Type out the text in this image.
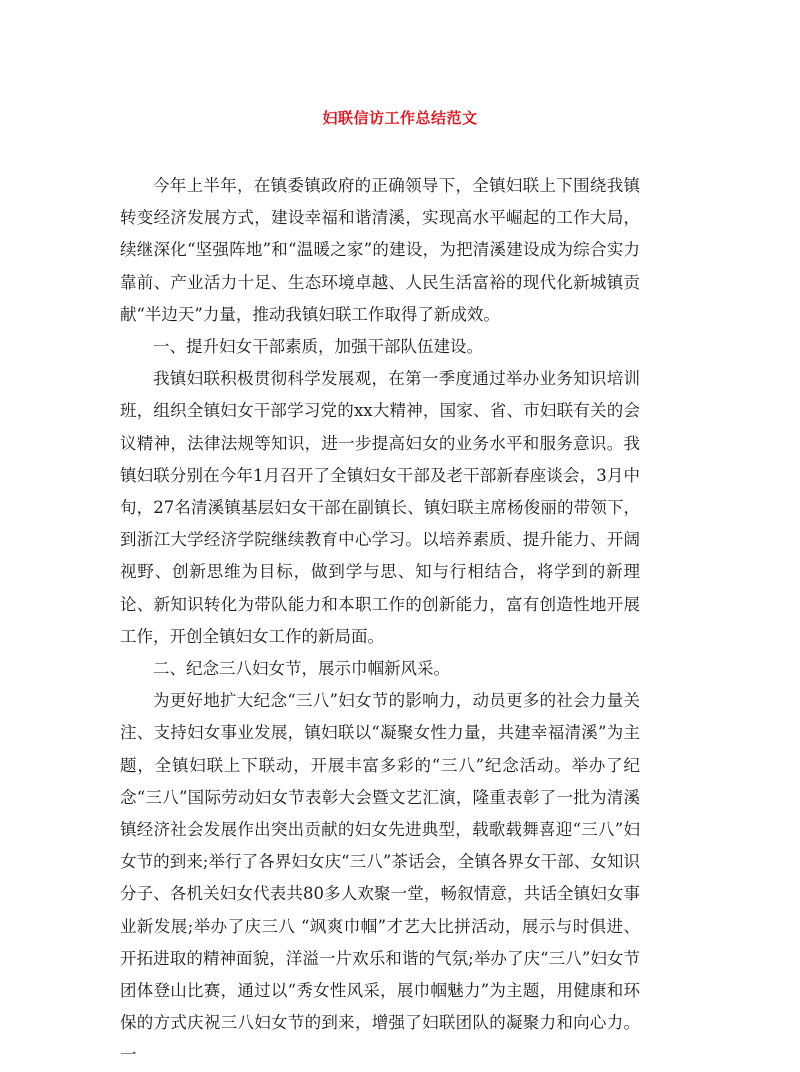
妇联信访工作总结范文

今年上半年，在镇委镇政府的正确领导下，全镇妇联上下围绕我镇转变经济发展方式，建设幸福和谐清溪，实现高水平崛起的工作大局，续继深化“坚强阵地”和“温暖之家”的建设，为把清溪建设成为综合实力靠前、产业活力十足、生态环境卓越、人民生活富裕的现代化新城镇贡献“半边天”力量，推动我镇妇联工作取得了新成效。

一、提升妇女干部素质，加强干部队伍建设。

我镇妇联积极贯彻科学发展观，在第一季度通过举办业务知识培训班，组织全镇妇女干部学习党的xx大精神，国家、省、市妇联有关的会议精神，法律法规等知识，进一步提高妇女的业务水平和服务意识。我镇妇联分别在今年1月召开了全镇妇女干部及老干部新春座谈会，3月中旬，27名清溪镇基层妇女干部在副镇长、镇妇联主席杨俊丽的带领下，到浙江大学经济学院继续教育中心学习。以培养素质、提升能力、开阔视野、创新思维为目标，做到学与思、知与行相结合，将学到的新理论、新知识转化为带队能力和本职工作的创新能力，富有创造性地开展工作，开创全镇妇女工作的新局面。

二、纪念三八妇女节，展示巾帼新风采。

为更好地扩大纪念“三八”妇女节的影响力，动员更多的社会力量关注、支持妇女事业发展，镇妇联以“凝聚女性力量，共建幸福清溪”为主题，全镇妇联上下联动，开展丰富多彩的“三八”纪念活动。举办了纪念“三八”国际劳动妇女节表彰大会暨文艺汇演，隆重表彰了一批为清溪镇经济社会发展作出突出贡献的妇女先进典型，载歌载舞喜迎“三八”妇女节的到来;举行了各界妇女庆“三八”茶话会，全镇各界女干部、女知识分子、各机关妇女代表共80多人欢聚一堂，畅叙情意，共话全镇妇女事业新发展;举办了庆三八 “飒爽巾帼”才艺大比拼活动，展示与时俱进、开拓进取的精神面貌，洋溢一片欢乐和谐的气氛;举办了庆“三八”妇女节团体登山比赛，通过以“秀女性风采，展巾帼魅力”为主题，用健康和环保的方式庆祝三八妇女节的到来，增强了妇联团队的凝聚力和向心力。一
